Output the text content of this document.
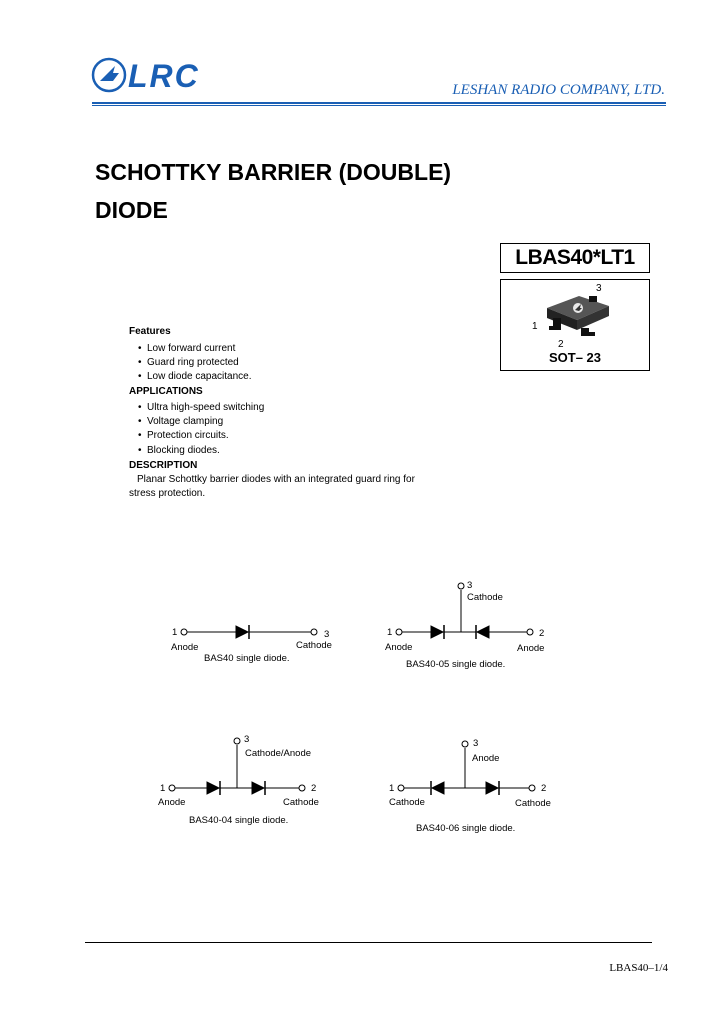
LRC	LESHAN RADIO COMPANY, LTD.
SCHOTTKY BARRIER (DOUBLE)
DIODE
LBAS40*LT1
3
1
2
SOT– 23
Features
• Low forward current
• Guard ring protected
• Low diode capacitance.
APPLICATIONS
• Ultra high-speed switching
• Voltage clamping
• Protection circuits.
• Blocking diodes.
DESCRIPTION
Planar Schottky barrier diodes with an integrated guard ring for
stress protection.
1
Anode
3
Cathode
BAS40 single diode.
1
Anode
2
Anode
3
Cathode
BAS40-05 single diode.
1
Anode
2
Cathode
3
Cathode/Anode
BAS40-04 single diode.
1
Cathode
2
Cathode
3
Anode
BAS40-06 single diode.
LBAS40–1/4
